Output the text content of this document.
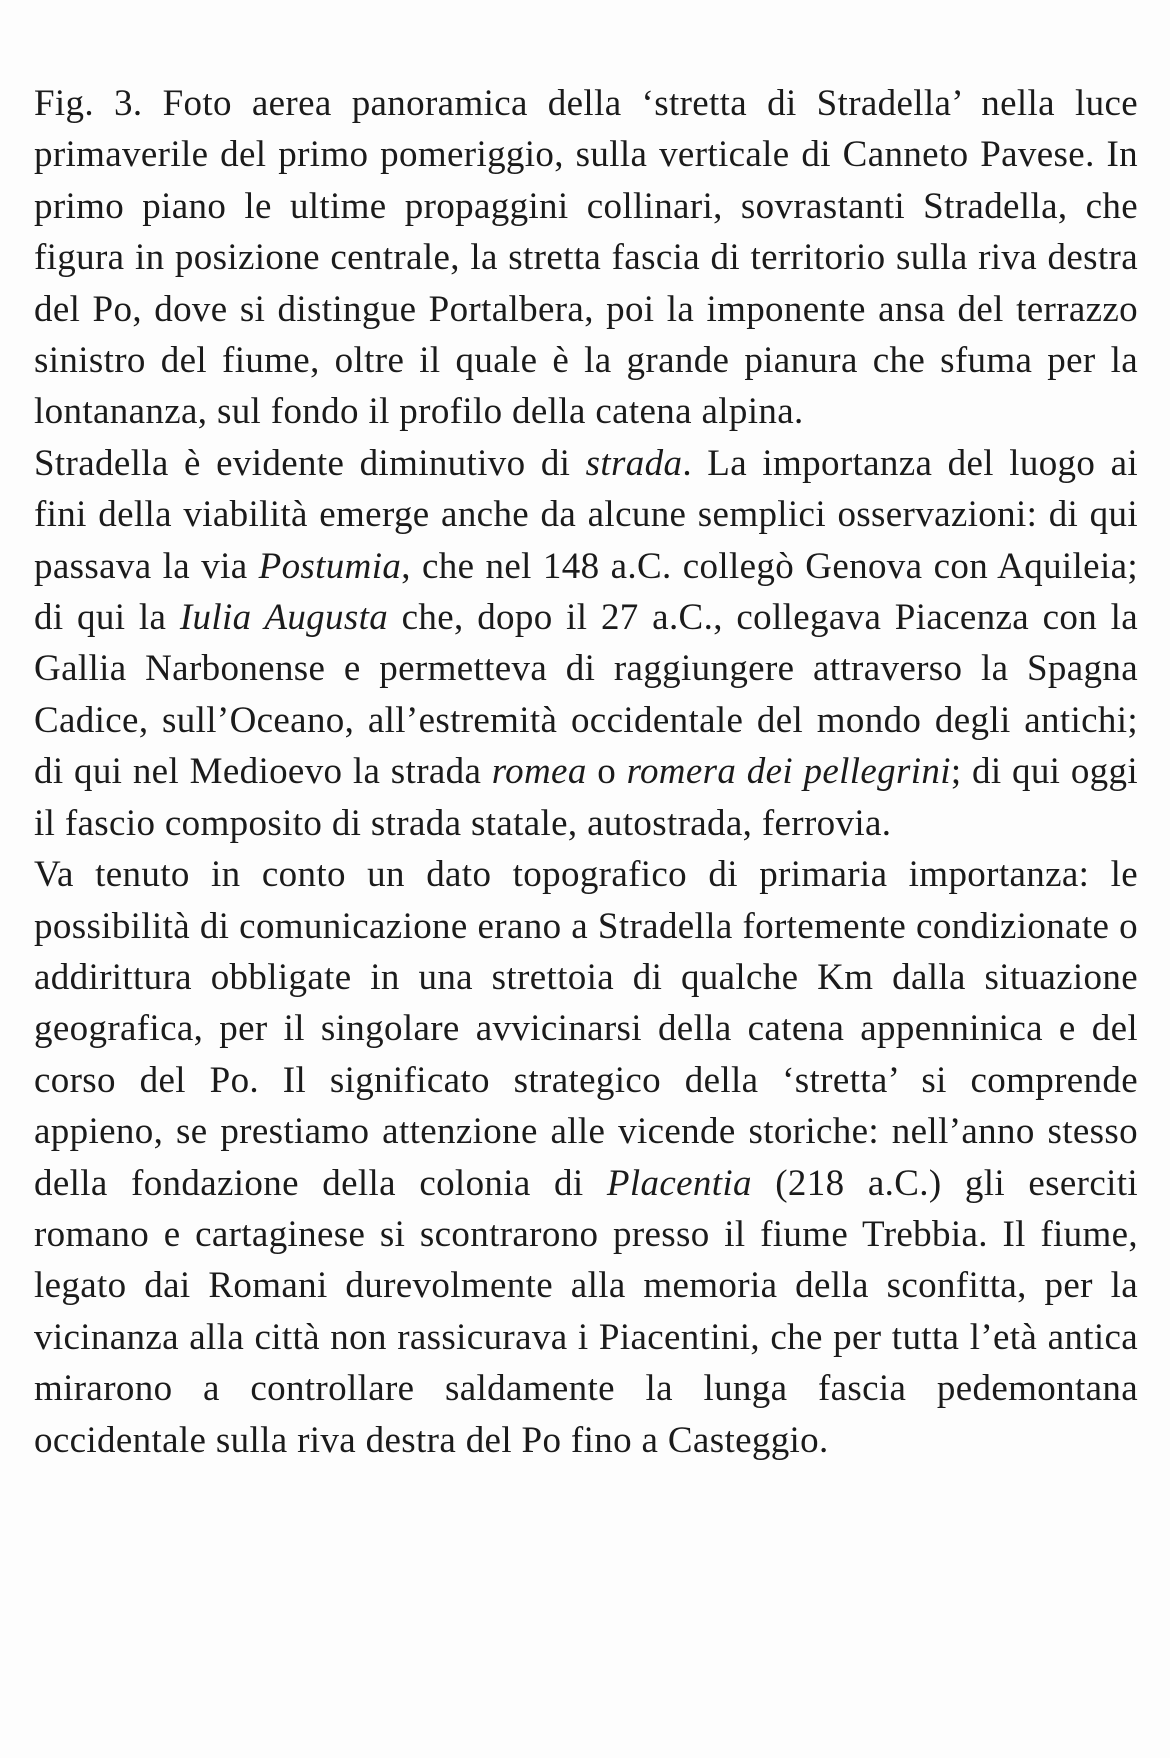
Fig. 3. Foto aerea panoramica della ‘stretta di Stradella’ nella luce primaverile del primo pomeriggio, sulla verticale di Canneto Pavese. In primo piano le ultime propaggini collinari, sovrastanti Stradella, che figura in posizione centrale, la stretta fascia di territorio sulla riva destra del Po, dove si distingue Portalbera, poi la imponente ansa del terrazzo sinistro del fiume, oltre il quale è la grande pianura che sfuma per la lontananza, sul fondo il profilo della catena alpina.

Stradella è evidente diminutivo di strada. La importanza del luogo ai fini della viabilità emerge anche da alcune semplici osservazioni: di qui passava la via Postumia, che nel 148 a.C. collegò Genova con Aquileia; di qui la Iulia Augusta che, dopo il 27 a.C., collegava Piacenza con la Gallia Narbonense e permetteva di raggiungere attraverso la Spagna Cadice, sull’Oceano, all’estremità occidentale del mondo degli antichi; di qui nel Medioevo la strada romea o romera dei pellegrini; di qui oggi il fascio composito di strada statale, autostrada, ferrovia.

Va tenuto in conto un dato topografico di primaria importanza: le possibilità di comunicazione erano a Stradella fortemente condizionate o addirittura obbligate in una strettoia di qualche Km dalla situazione geografica, per il singolare avvicinarsi della catena appenninica e del corso del Po. Il significato strategico della ‘stretta’ si comprende appieno, se prestiamo attenzione alle vicende storiche: nell’anno stesso della fondazione della colonia di Placentia (218 a.C.) gli eserciti romano e cartaginese si scontrarono presso il fiume Trebbia. Il fiume, legato dai Romani durevolmente alla memoria della sconfitta, per la vicinanza alla città non rassicurava i Piacentini, che per tutta l’età antica mirarono a controllare saldamente la lunga fascia pedemontana occidentale sulla riva destra del Po fino a Casteggio.
